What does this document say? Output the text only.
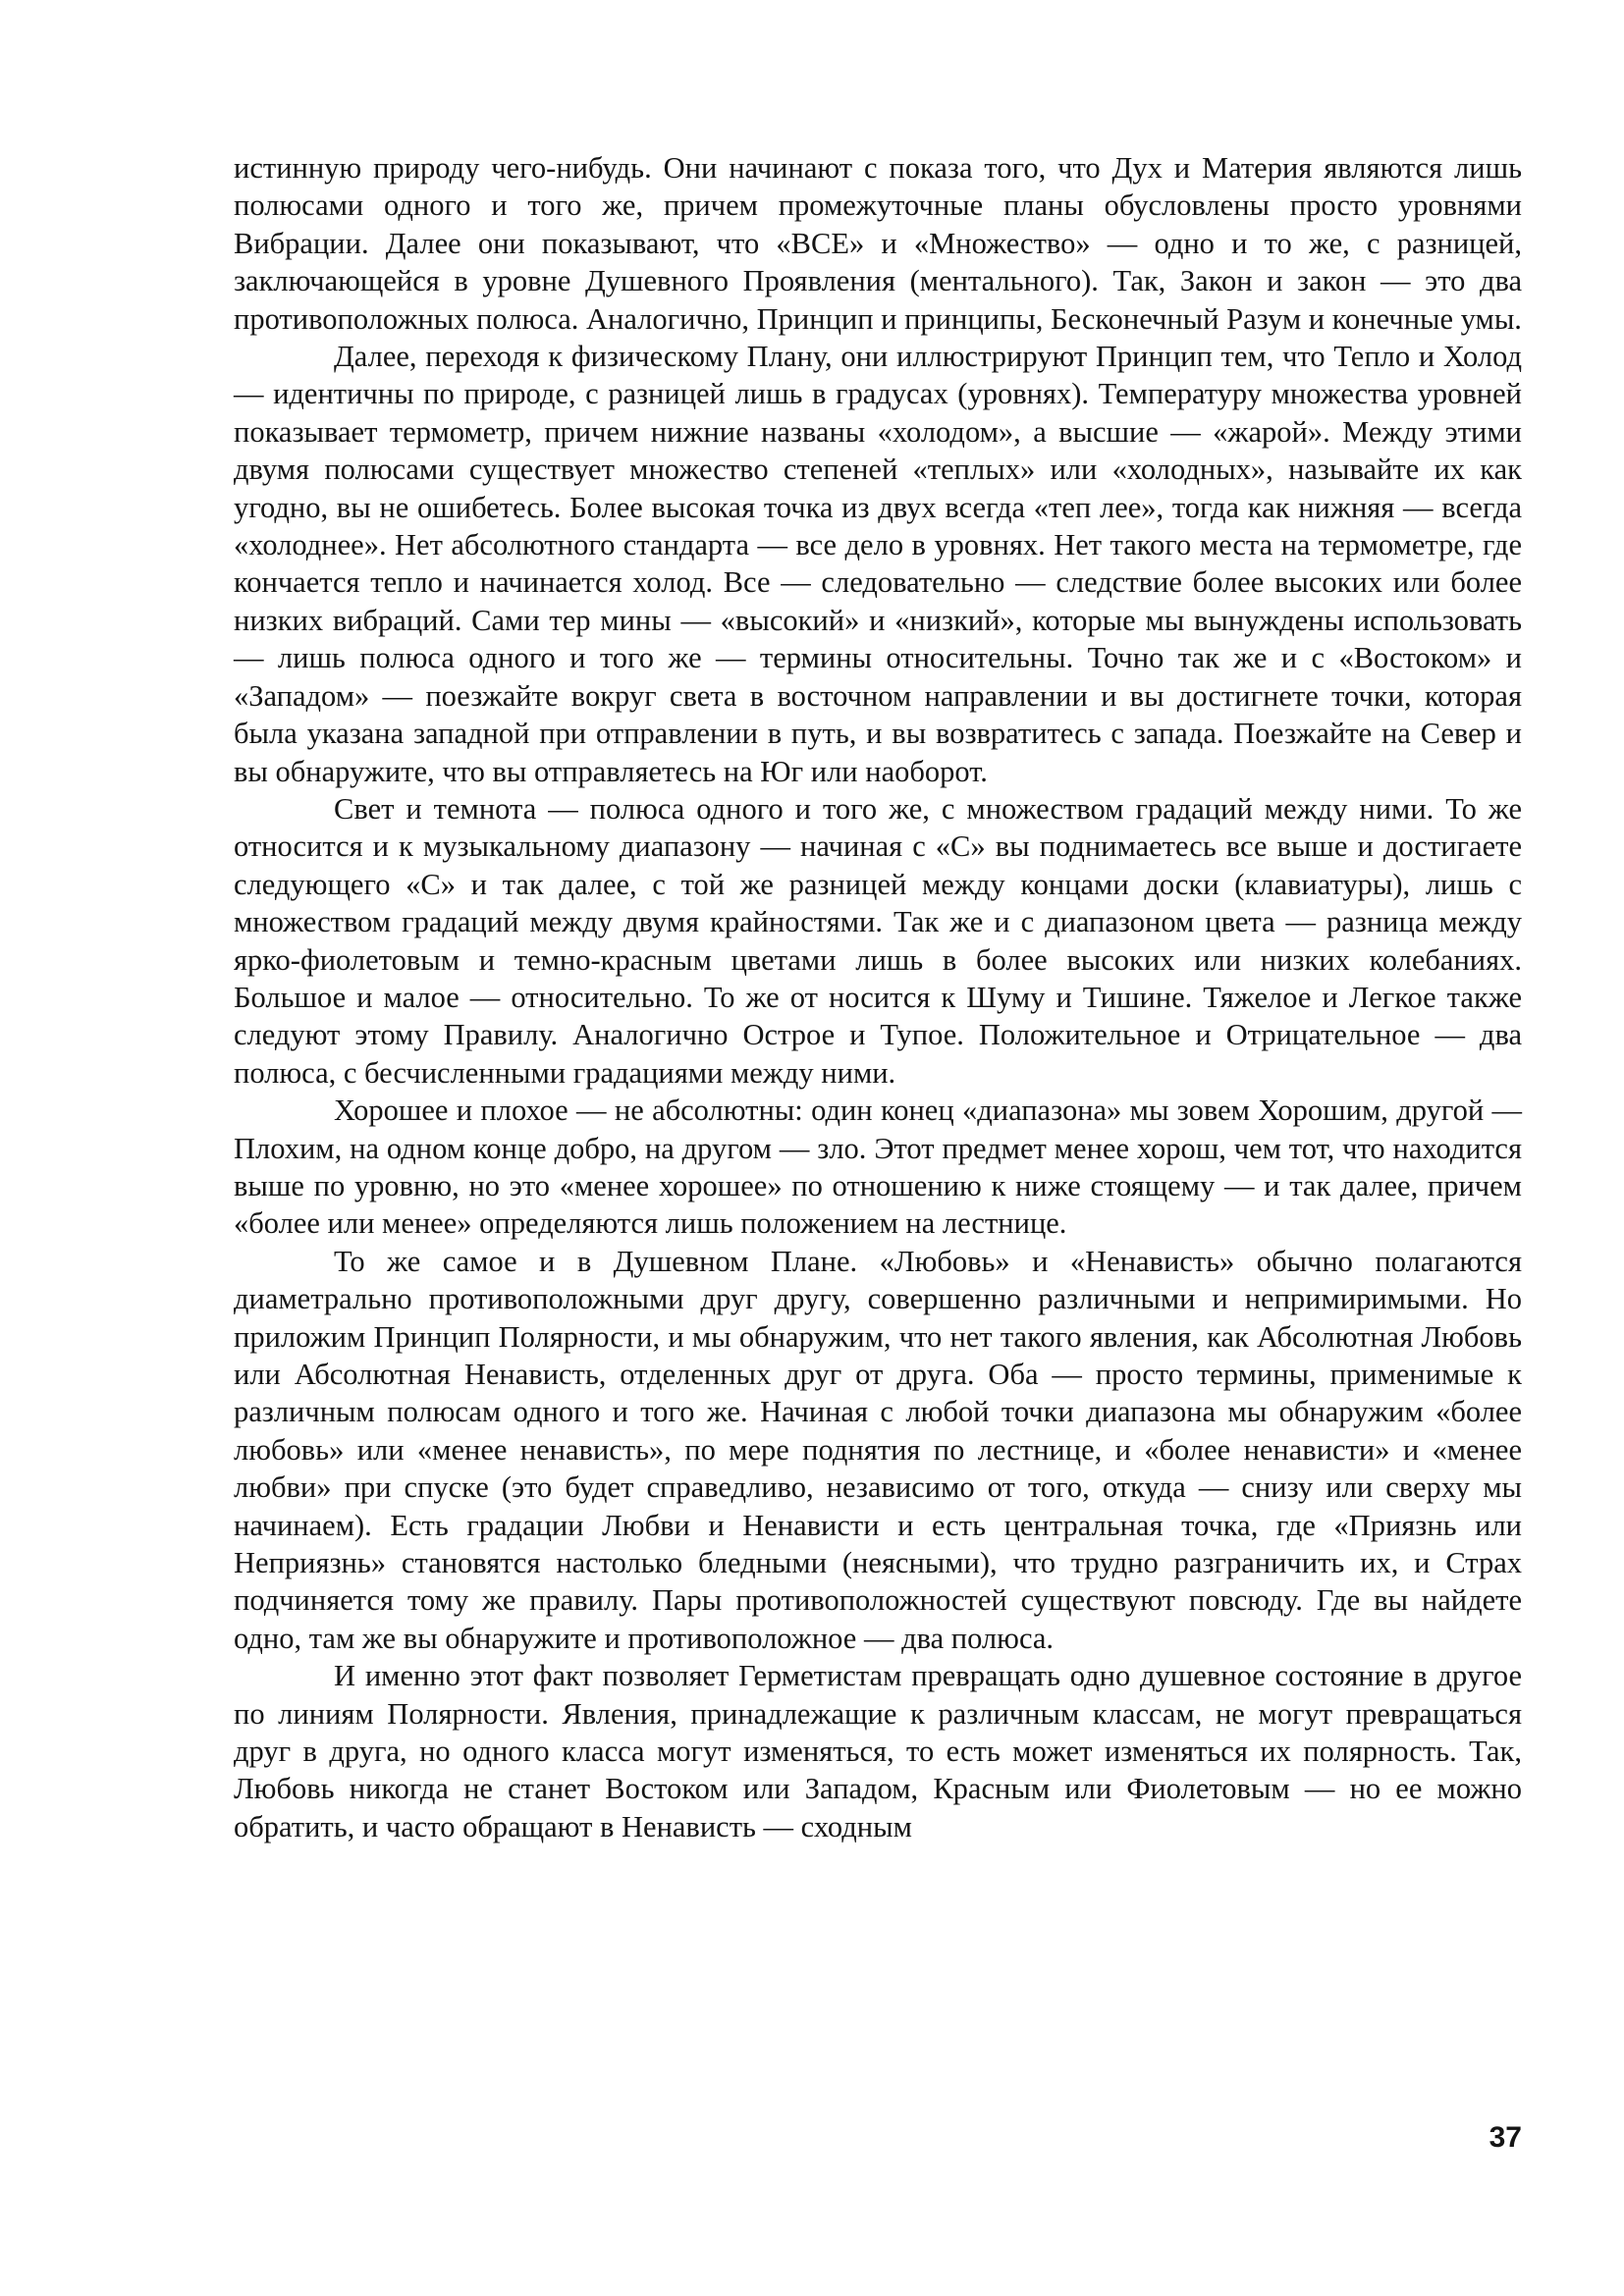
истинную природу чего-нибудь. Они начинают с показа того, что Дух и Материя являются лишь полюсами одного и того же, причем промежуточные планы обусловлены просто уровнями Вибрации. Далее они показывают, что «ВСЕ» и «Множество» — одно и то же, с разницей, заключающейся в уровне Душевного Проявления (ментального). Так, Закон и закон — это два противоположных полюса. Аналогично, Принцип и принципы, Бесконечный Разум и конечные умы.

Далее, переходя к физическому Плану, они иллюстрируют Принцип тем, что Тепло и Холод — идентичны по природе, с разницей лишь в градусах (уровнях). Температуру множества уровней показывает термометр, причем нижние названы «холодом», а высшие — «жарой». Между этими двумя полюсами существует множество степеней «теплых» или «холодных», называйте их как угодно, вы не ошибетесь. Более высокая точка из двух всегда «теп лее», тогда как нижняя — всегда «холоднее». Нет абсолютного стандарта — все дело в уровнях. Нет такого места на термометре, где кончается тепло и начинается холод. Все — следовательно — следствие более высоких или более низких вибраций. Сами тер мины — «высокий» и «низкий», которые мы вынуждены использовать — лишь полюса одного и того же — термины относительны. Точно так же и с «Востоком» и «Западом» — поезжайте вокруг света в восточном направлении и вы достигнете точки, которая была указана западной при отправлении в путь, и вы возвратитесь с запада. Поезжайте на Север и вы обнаружите, что вы отправляетесь на Юг или наоборот.

Свет и темнота — полюса одного и того же, с множеством градаций между ними. То же относится и к музыкальному диапазону — начиная с «С» вы поднимаетесь все выше и достигаете следующего «С» и так далее, с той же разницей между концами доски (клавиатуры), лишь с множеством градаций между двумя крайностями. Так же и с диапазоном цвета — разница между ярко-фиолетовым и темно-красным цветами лишь в более высоких или низких колебаниях. Большое и малое — относительно. То же от носится к Шуму и Тишине. Тяжелое и Легкое также следуют этому Правилу. Аналогично Острое и Тупое. Положительное и Отрицательное — два полюса, с бесчисленными градациями между ними.

Хорошее и плохое — не абсолютны: один конец «диапазона» мы зовем Хорошим, другой — Плохим, на одном конце добро, на другом — зло. Этот предмет менее хорош, чем тот, что находится выше по уровню, но это «менее хорошее» по отношению к ниже стоящему — и так далее, причем «более или менее» определяются лишь положением на лестнице.

То же самое и в Душевном Плане. «Любовь» и «Ненависть» обычно полагаются диаметрально противоположными друг другу, совершенно различными и непримиримыми. Но приложим Принцип Полярности, и мы обнаружим, что нет такого явления, как Абсолютная Любовь или Абсолютная Ненависть, отделенных друг от друга. Оба — просто термины, применимые к различным полюсам одного и того же. Начиная с любой точки диапазона мы обнаружим «более любовь» или «менее ненависть», по мере поднятия по лестнице, и «более ненависти» и «менее любви» при спуске (это будет справедливо, независимо от того, откуда — снизу или сверху мы начинаем). Есть градации Любви и Ненависти и есть центральная точка, где «Приязнь или Неприязнь» становятся настолько бледными (неясными), что трудно разграничить их, и Страх подчиняется тому же правилу. Пары противоположностей существуют повсюду. Где вы найдете одно, там же вы обнаружите и противоположное — два полюса.

И именно этот факт позволяет Герметистам превращать одно душевное состояние в другое по линиям Полярности. Явления, принадлежащие к различным классам, не могут превращаться друг в друга, но одного класса могут изменяться, то есть может изменяться их полярность. Так, Любовь никогда не станет Востоком или Западом, Красным или Фиолетовым — но ее можно обратить, и часто обращают в Ненависть — сходным

37
